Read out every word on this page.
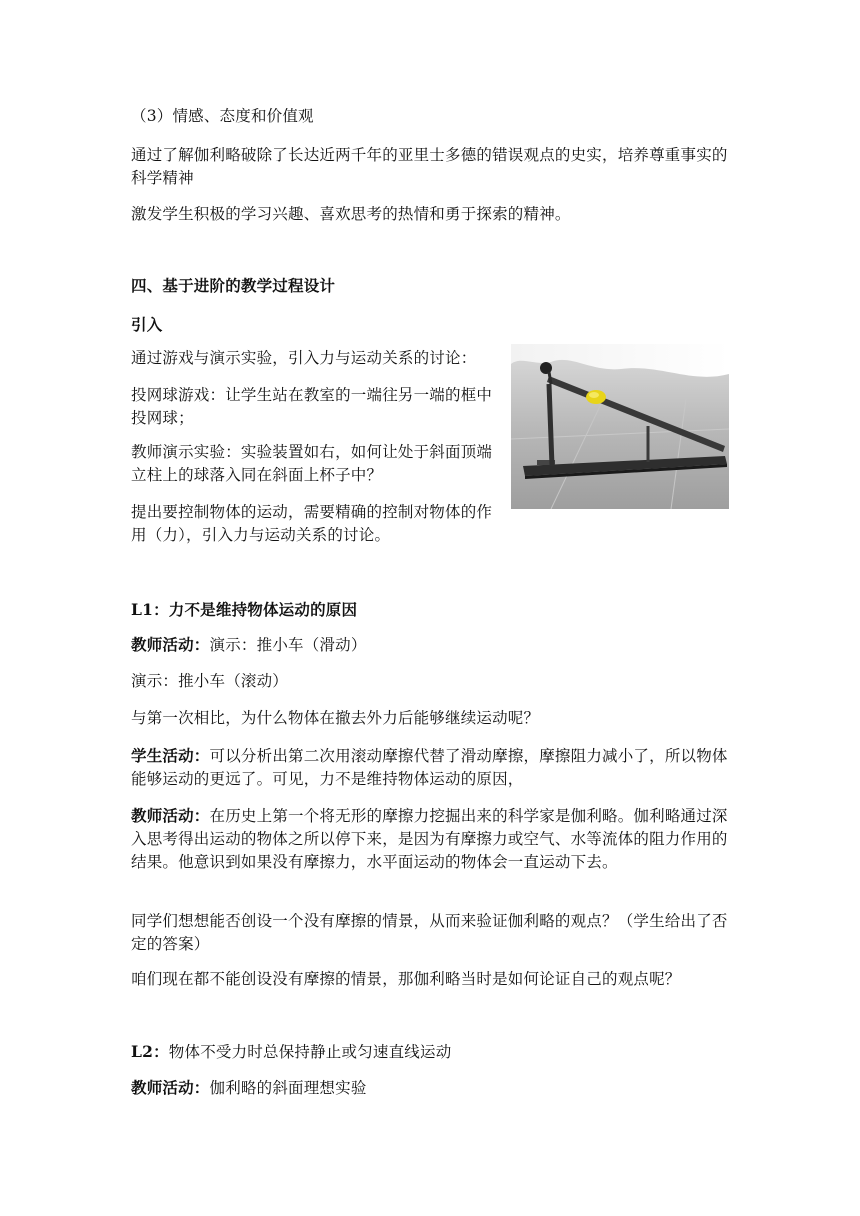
（3）情感、态度和价值观

通过了解伽利略破除了长达近两千年的亚里士多德的错误观点的史实，培养尊重事实的科学精神

激发学生积极的学习兴趣、喜欢思考的热情和勇于探索的精神。

四、基于进阶的教学过程设计

引入

通过游戏与演示实验，引入力与运动关系的讨论：

投网球游戏：让学生站在教室的一端往另一端的框中投网球；

教师演示实验：实验装置如右，如何让处于斜面顶端立柱上的球落入同在斜面上杯子中？

提出要控制物体的运动，需要精确的控制对物体的作用（力），引入力与运动关系的讨论。

L1：力不是维持物体运动的原因

教师活动：演示：推小车（滑动）

演示：推小车（滚动）

与第一次相比，为什么物体在撤去外力后能够继续运动呢？

学生活动：可以分析出第二次用滚动摩擦代替了滑动摩擦，摩擦阻力减小了，所以物体能够运动的更远了。可见，力不是维持物体运动的原因，

教师活动：在历史上第一个将无形的摩擦力挖掘出来的科学家是伽利略。伽利略通过深入思考得出运动的物体之所以停下来，是因为有摩擦力或空气、水等流体的阻力作用的结果。他意识到如果没有摩擦力，水平面运动的物体会一直运动下去。

同学们想想能否创设一个没有摩擦的情景，从而来验证伽利略的观点？（学生给出了否定的答案）

咱们现在都不能创设没有摩擦的情景，那伽利略当时是如何论证自己的观点呢？

L2：物体不受力时总保持静止或匀速直线运动

教师活动：伽利略的斜面理想实验
